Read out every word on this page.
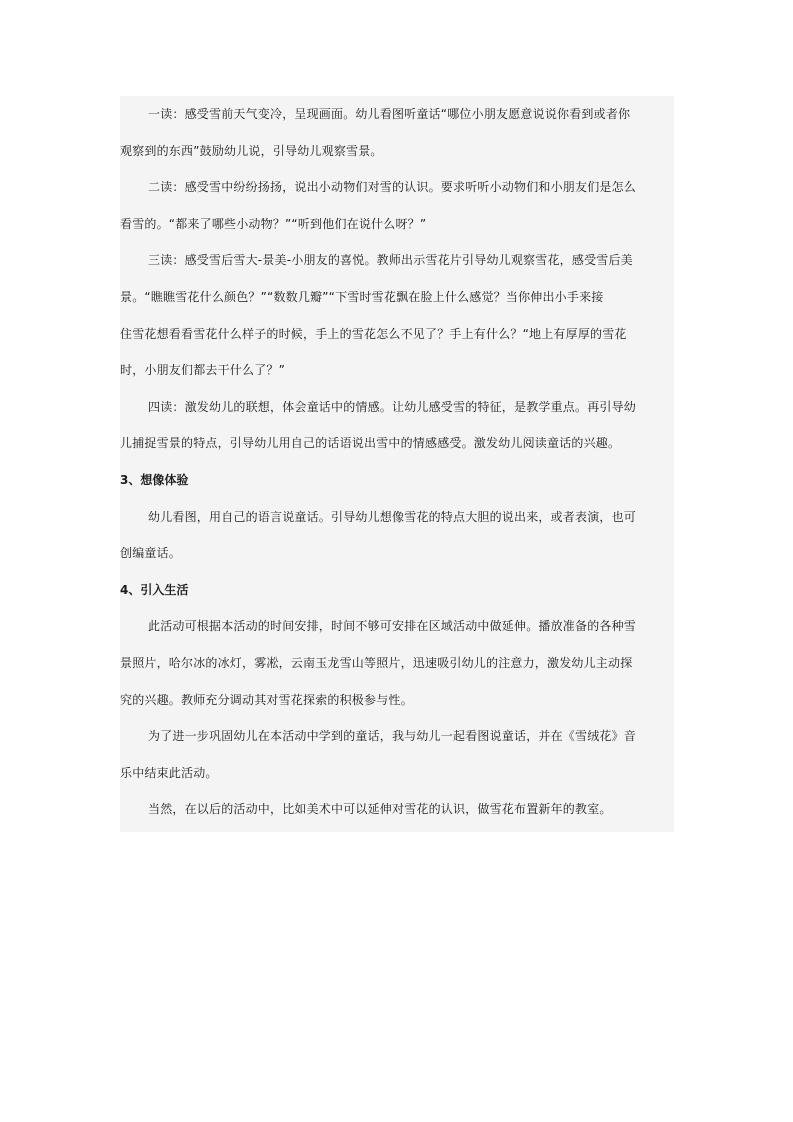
一读：感受雪前天气变冷，呈现画面。幼儿看图听童话“哪位小朋友愿意说说你看到或者你
观察到的东西”鼓励幼儿说，引导幼儿观察雪景。

二读：感受雪中纷纷扬扬，说出小动物们对雪的认识。要求听听小动物们和小朋友们是怎么
看雪的。“都来了哪些小动物？”“听到他们在说什么呀？”

三读：感受雪后雪大-景美-小朋友的喜悦。教师出示雪花片引导幼儿观察雪花，感受雪后美
景。“瞧瞧雪花什么颜色？”“数数几瓣”“下雪时雪花飘在脸上什么感觉？当你伸出小手来接
住雪花想看看雪花什么样子的时候，手上的雪花怎么不见了？手上有什么？“地上有厚厚的雪花
时，小朋友们都去干什么了？”

四读：激发幼儿的联想，体会童话中的情感。让幼儿感受雪的特征，是教学重点。再引导幼
儿捕捉雪景的特点，引导幼儿用自己的话语说出雪中的情感感受。激发幼儿阅读童话的兴趣。

3、想像体验

幼儿看图，用自己的语言说童话。引导幼儿想像雪花的特点大胆的说出来，或者表演，也可
创编童话。

4、引入生活

此活动可根据本活动的时间安排，时间不够可安排在区域活动中做延伸。播放准备的各种雪
景照片，哈尔冰的冰灯，雾凇，云南玉龙雪山等照片，迅速吸引幼儿的注意力，激发幼儿主动探
究的兴趣。教师充分调动其对雪花探索的积极参与性。

为了进一步巩固幼儿在本活动中学到的童话，我与幼儿一起看图说童话，并在《雪绒花》音
乐中结束此活动。

当然，在以后的活动中，比如美术中可以延伸对雪花的认识，做雪花布置新年的教室。
